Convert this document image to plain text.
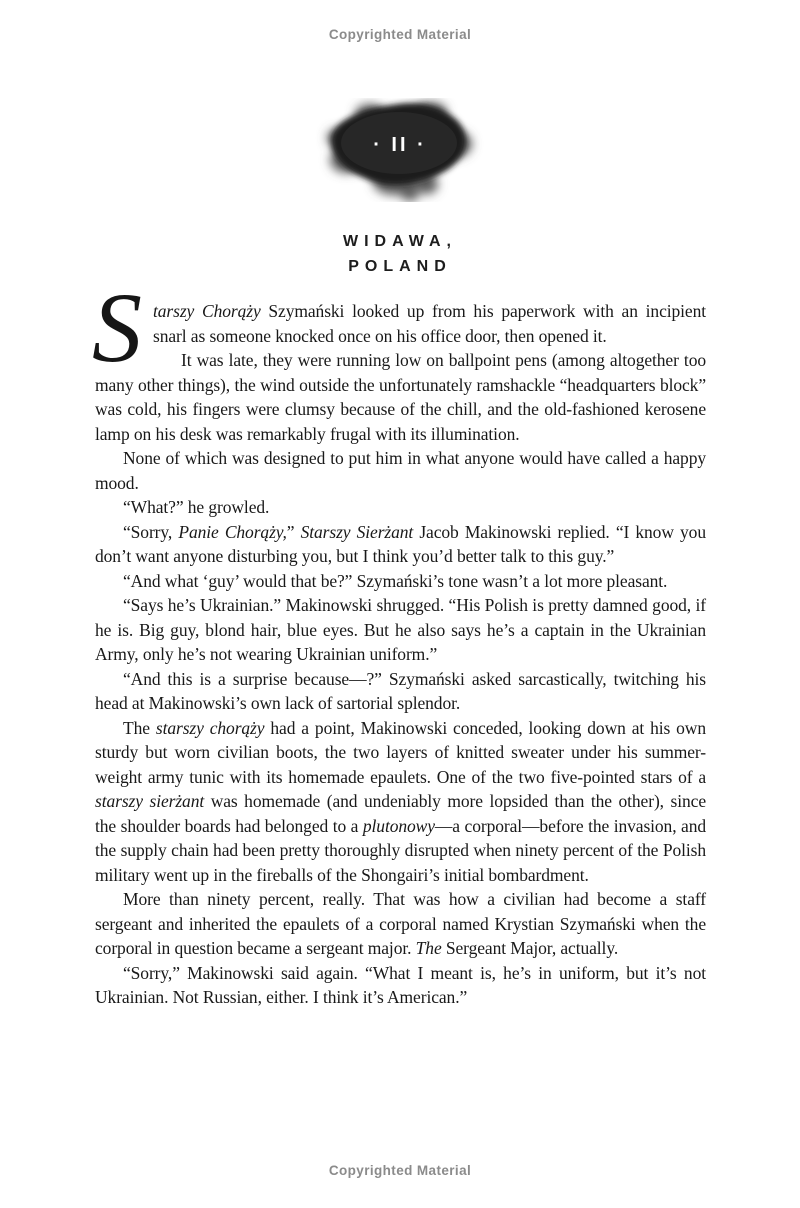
Copyrighted Material
· II ·
WIDAWA,
POLAND
S tarszy Chorąży Szymański looked up from his paperwork with an incipient snarl as someone knocked once on his office door, then opened it.

It was late, they were running low on ballpoint pens (among altogether too many other things), the wind outside the unfortunately ramshackle “headquarters block” was cold, his fingers were clumsy because of the chill, and the old-fashioned kerosene lamp on his desk was remarkably frugal with its illumination.

None of which was designed to put him in what anyone would have called a happy mood.

“What?” he growled.

“Sorry, Panie Chorąży,” Starszy Sierżant Jacob Makinowski replied. “I know you don’t want anyone disturbing you, but I think you’d better talk to this guy.”

“And what ‘guy’ would that be?” Szymański’s tone wasn’t a lot more pleasant.

“Says he’s Ukrainian.” Makinowski shrugged. “His Polish is pretty damned good, if he is. Big guy, blond hair, blue eyes. But he also says he’s a captain in the Ukrainian Army, only he’s not wearing Ukrainian uniform.”

“And this is a surprise because—?” Szymański asked sarcastically, twitching his head at Makinowski’s own lack of sartorial splendor.

The starszy chorąży had a point, Makinowski conceded, looking down at his own sturdy but worn civilian boots, the two layers of knitted sweater under his summer-weight army tunic with its homemade epaulets. One of the two five-pointed stars of a starszy sierżant was homemade (and undeniably more lopsided than the other), since the shoulder boards had belonged to a plutonowy—a corporal—before the invasion, and the supply chain had been pretty thoroughly disrupted when ninety percent of the Polish military went up in the fireballs of the Shongairi’s initial bombardment.

More than ninety percent, really. That was how a civilian had become a staff sergeant and inherited the epaulets of a corporal named Krystian Szymański when the corporal in question became a sergeant major. The Sergeant Major, actually.

“Sorry,” Makinowski said again. “What I meant is, he’s in uniform, but it’s not Ukrainian. Not Russian, either. I think it’s American.”

Copyrighted Material
